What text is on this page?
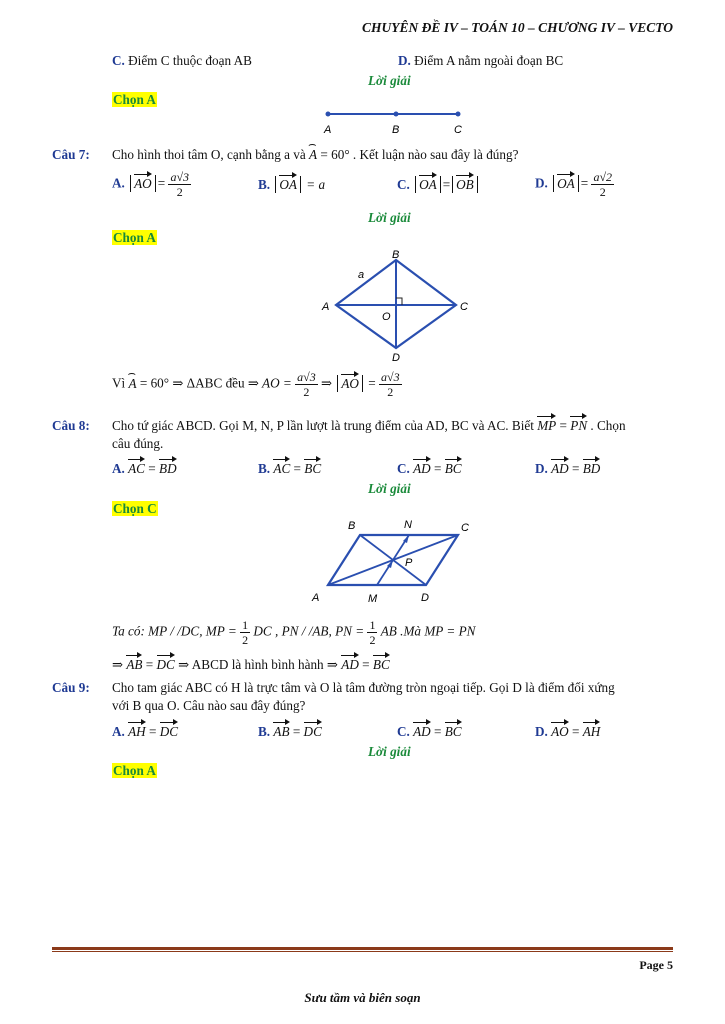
CHUYÊN ĐỀ IV – TOÁN 10 – CHƯƠNG IV – VECTO
C. Điểm C thuộc đoạn AB	D. Điểm A nằm ngoài đoạn BC
Lời giải
Chọn A
A	B	C
Câu 7: Cho hình thoi tâm O, cạnh bằng a và ⌢ A = 60° . Kết luận nào sau đây là đúng?
A. AO = $\frac{a√3}{2}$	B. OA = a	C. OA = OB	D. OA = $\frac{a√2}{2}$
Lời giải
Chọn A
B
A	C
D
O
a
Vì ⌢ A = 60° ⇒ ΔABC đều ⇒ AO = $\frac{a√3}{2}$ ⇒ AO = $\frac{a√3}{2}$
Câu 8: Cho tứ giác ABCD. Gọi M, N, P lần lượt là trung điểm của AD, BC và AC. Biết MP = PN . Chọn
câu đúng.
A. AC = BD	B. AC = BC	C. AD = BC	D. AD = BD
Lời giải
Chọn C
A
B	C
D
M
N
P
Ta có: MP / /DC, MP = $\frac{1}{2}$ DC , PN / /AB, PN = $\frac{1}{2}$ AB .Mà MP = PN
⇒ AB = DC ⇒ ABCD là hình bình hành ⇒ AD = BC
Câu 9: Cho tam giác ABC có H là trực tâm và O là tâm đường tròn ngoại tiếp. Gọi D là điểm đối xứng
với B qua O. Câu nào sau đây đúng?
A. AH = DC	B. AB = DC	C. AD = BC	D. AO = AH
Lời giải
Chọn A
Page 5
Sưu tầm và biên soạn
